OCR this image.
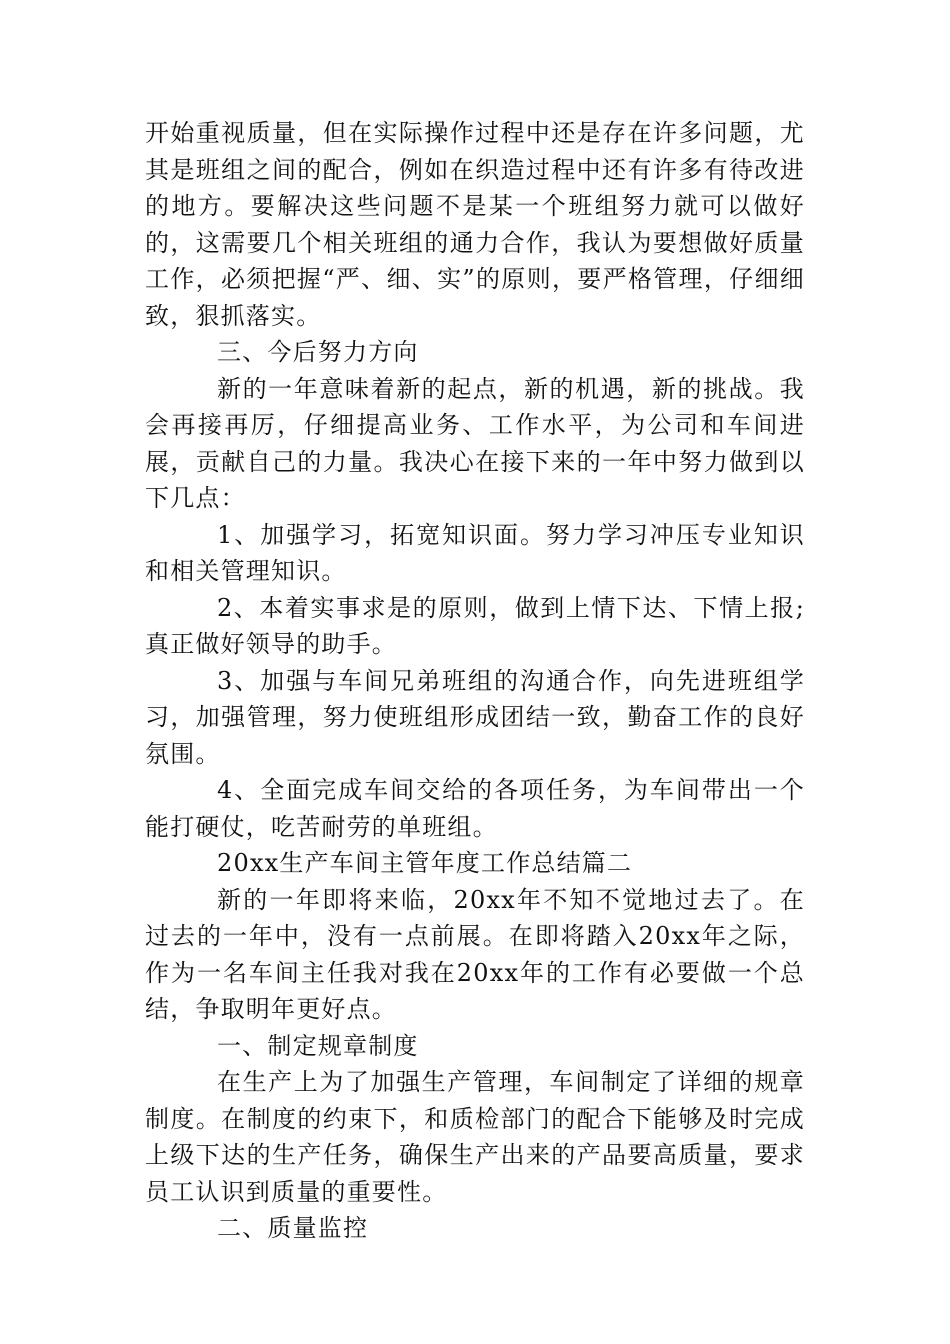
开始重视质量，但在实际操作过程中还是存在许多问题，尤其是班组之间的配合，例如在织造过程中还有许多有待改进的地方。要解决这些问题不是某一个班组努力就可以做好的，这需要几个相关班组的通力合作，我认为要想做好质量工作，必须把握“严、细、实”的原则，要严格管理，仔细细致，狠抓落实。

三、今后努力方向

新的一年意味着新的起点，新的机遇，新的挑战。我会再接再厉，仔细提高业务、工作水平，为公司和车间进展，贡献自己的力量。我决心在接下来的一年中努力做到以下几点：

1、加强学习，拓宽知识面。努力学习冲压专业知识和相关管理知识。

2、本着实事求是的原则，做到上情下达、下情上报;真正做好领导的助手。

3、加强与车间兄弟班组的沟通合作，向先进班组学习，加强管理，努力使班组形成团结一致，勤奋工作的良好氛围。

4、全面完成车间交给的各项任务，为车间带出一个能打硬仗，吃苦耐劳的单班组。

20xx生产车间主管年度工作总结篇二

新的一年即将来临，20xx年不知不觉地过去了。在过去的一年中，没有一点前展。在即将踏入20xx年之际，作为一名车间主任我对我在20xx年的工作有必要做一个总结，争取明年更好点。

一、制定规章制度

在生产上为了加强生产管理，车间制定了详细的规章制度。在制度的约束下，和质检部门的配合下能够及时完成上级下达的生产任务，确保生产出来的产品要高质量，要求员工认识到质量的重要性。

二、质量监控
